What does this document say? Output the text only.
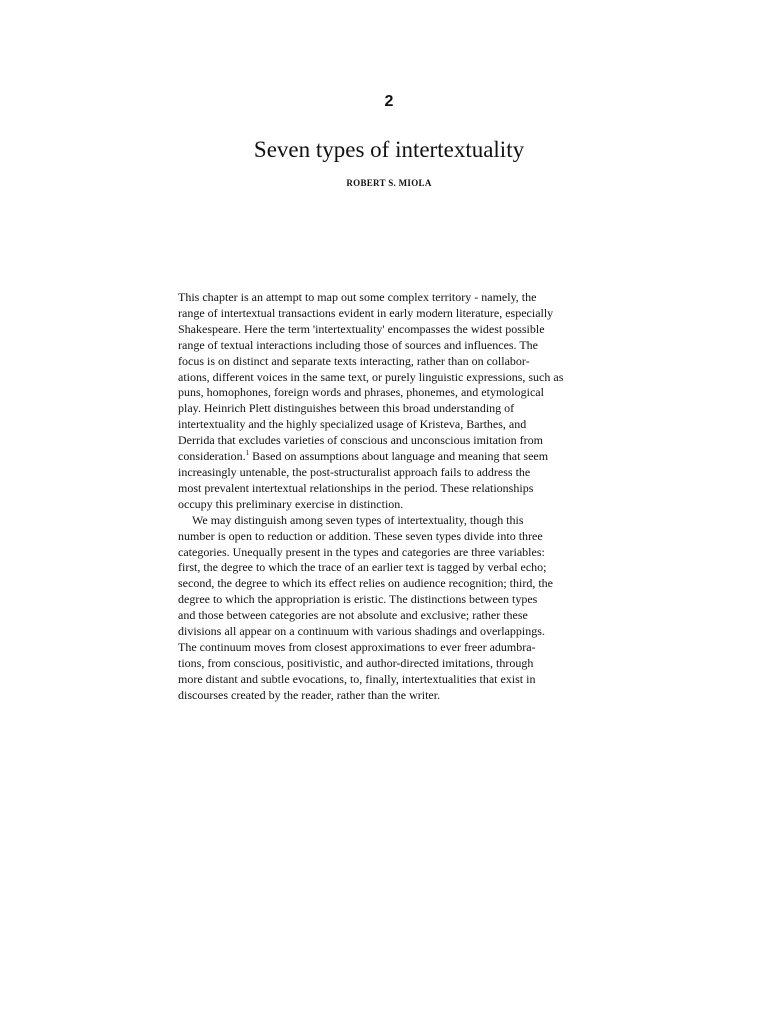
2
Seven types of intertextuality
ROBERT S. MIOLA
This chapter is an attempt to map out some complex territory - namely, the
range of intertextual transactions evident in early modern literature, especially
Shakespeare. Here the term 'intertextuality' encompasses the widest possible
range of textual interactions including those of sources and influences. The
focus is on distinct and separate texts interacting, rather than on collabor-
ations, different voices in the same text, or purely linguistic expressions, such as
puns, homophones, foreign words and phrases, phonemes, and etymological
play. Heinrich Plett distinguishes between this broad understanding of
intertextuality and the highly specialized usage of Kristeva, Barthes, and
Derrida that excludes varieties of conscious and unconscious imitation from
consideration.$^1$ Based on assumptions about language and meaning that seem
increasingly untenable, the post-structuralist approach fails to address the
most prevalent intertextual relationships in the period. These relationships
occupy this preliminary exercise in distinction.
We may distinguish among seven types of intertextuality, though this
number is open to reduction or addition. These seven types divide into three
categories. Unequally present in the types and categories are three variables:
first, the degree to which the trace of an earlier text is tagged by verbal echo;
second, the degree to which its effect relies on audience recognition; third, the
degree to which the appropriation is eristic. The distinctions between types
and those between categories are not absolute and exclusive; rather these
divisions all appear on a continuum with various shadings and overlappings.
The continuum moves from closest approximations to ever freer adumbra-
tions, from conscious, positivistic, and author-directed imitations, through
more distant and subtle evocations, to, finally, intertextualities that exist in
discourses created by the reader, rather than the writer.
